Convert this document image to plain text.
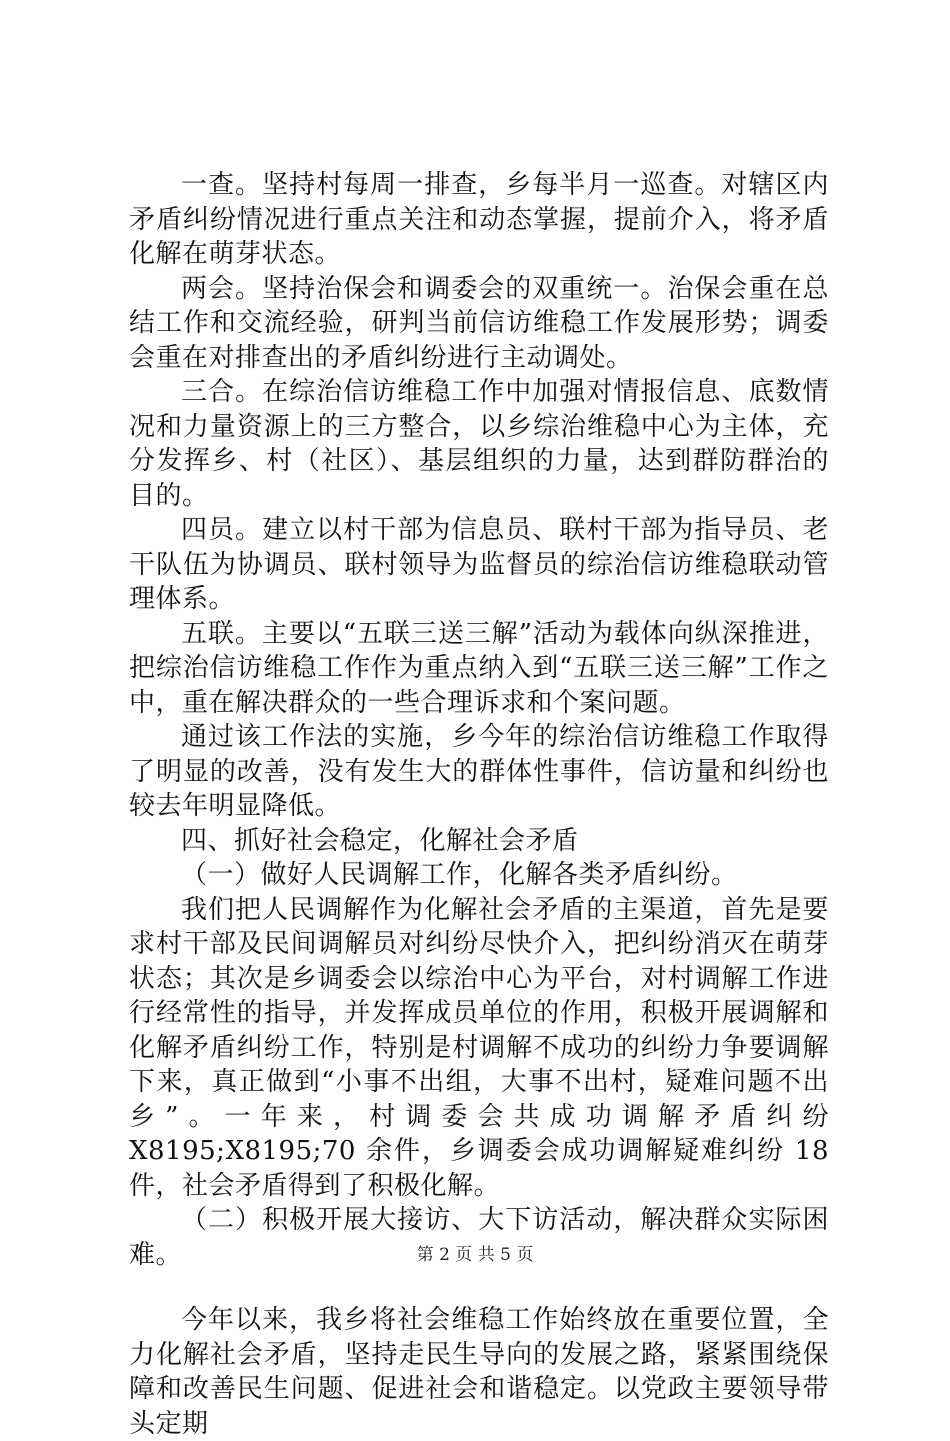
一查。坚持村每周一排查，乡每半月一巡查。对辖区内矛盾纠纷情况进行重点关注和动态掌握，提前介入，将矛盾化解在萌芽状态。

两会。坚持治保会和调委会的双重统一。治保会重在总结工作和交流经验，研判当前信访维稳工作发展形势；调委会重在对排查出的矛盾纠纷进行主动调处。

三合。在综治信访维稳工作中加强对情报信息、底数情况和力量资源上的三方整合，以乡综治维稳中心为主体，充分发挥乡、村（社区）、基层组织的力量，达到群防群治的目的。

四员。建立以村干部为信息员、联村干部为指导员、老干队伍为协调员、联村领导为监督员的综治信访维稳联动管理体系。

五联。主要以“五联三送三解”活动为载体向纵深推进，把综治信访维稳工作作为重点纳入到“五联三送三解”工作之中，重在解决群众的一些合理诉求和个案问题。

通过该工作法的实施，乡今年的综治信访维稳工作取得了明显的改善，没有发生大的群体性事件，信访量和纠纷也较去年明显降低。

四、抓好社会稳定，化解社会矛盾

（一）做好人民调解工作，化解各类矛盾纠纷。

我们把人民调解作为化解社会矛盾的主渠道，首先是要求村干部及民间调解员对纠纷尽快介入，把纠纷消灭在萌芽状态；其次是乡调委会以综治中心为平台，对村调解工作进行经常性的指导，并发挥成员单位的作用，积极开展调解和化解矛盾纠纷工作，特别是村调解不成功的纠纷力争要调解下来，真正做到“小事不出组，大事不出村，疑难问题不出乡”。一年来，村调委会共成功调解矛盾纠纷 X8195;X8195;70 余件，乡调委会成功调解疑难纠纷 18 件，社会矛盾得到了积极化解。

（二）积极开展大接访、大下访活动，解决群众实际困难。

今年以来，我乡将社会维稳工作始终放在重要位置，全力化解社会矛盾，坚持走民生导向的发展之路，紧紧围绕保障和改善民生问题、促进社会和谐稳定。以党政主要领导带头定期

第 2 页 共 5 页
